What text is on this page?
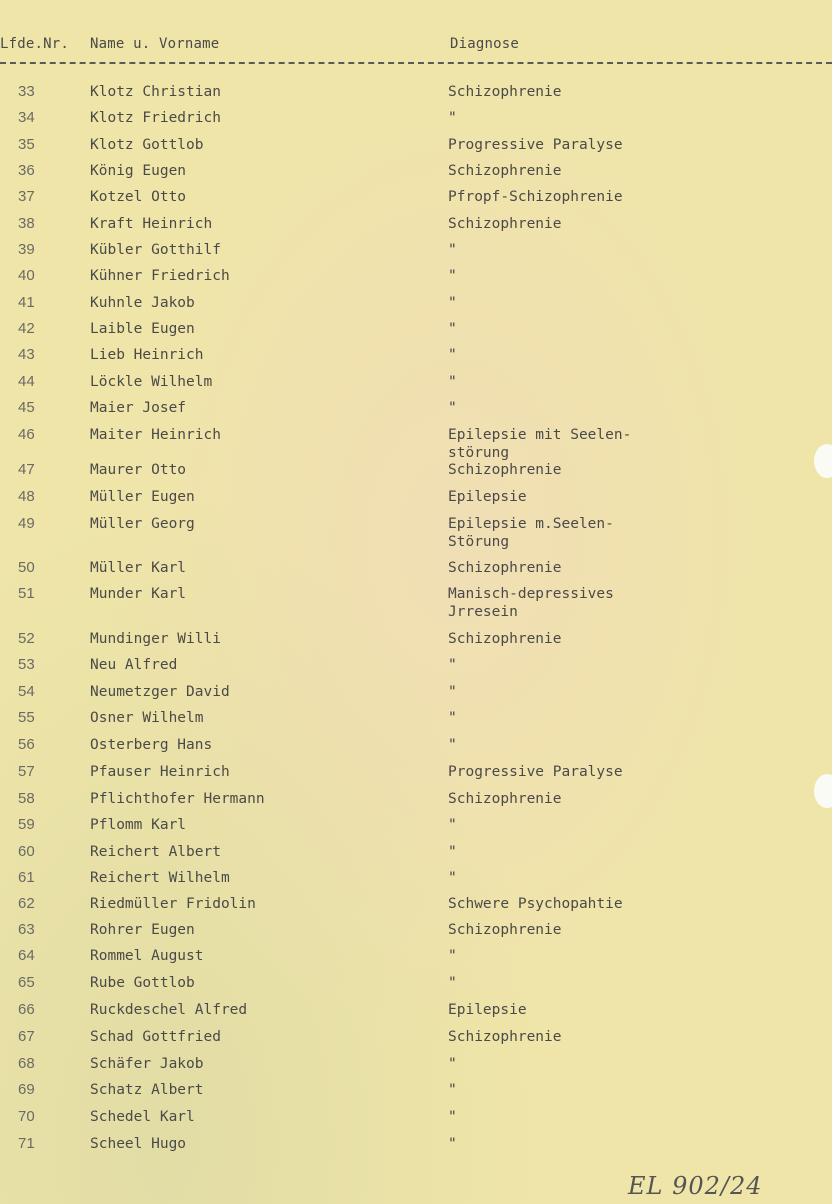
Lfde.Nr. Name u. Vorname	Diagnose
33	Klotz Christian	Schizophrenie
34	Klotz Friedrich	"
35	Klotz Gottlob	Progressive Paralyse
36	König Eugen	Schizophrenie
37	Kotzel Otto	Pfropf-Schizophrenie
38	Kraft Heinrich	Schizophrenie
39	Kübler Gotthilf	"
40	Kühner Friedrich	"
41	Kuhnle Jakob	"
42	Laible Eugen	"
43	Lieb Heinrich	"
44	Löckle Wilhelm	"
45	Maier Josef	"
46	Maiter Heinrich	Epilepsie mit Seelen-
störung
47	Maurer Otto	Schizophrenie
48	Müller Eugen	Epilepsie
49	Müller Georg	Epilepsie m.Seelen-
Störung
50	Müller Karl	Schizophrenie
51	Munder Karl	Manisch-depressives
Jrresein
52	Mundinger Willi	Schizophrenie
53	Neu Alfred	"
54	Neumetzger David	"
55	Osner Wilhelm	"
56	Osterberg Hans	"
57	Pfauser Heinrich	Progressive Paralyse
58	Pflichthofer Hermann	Schizophrenie
59	Pflomm Karl	"
60	Reichert Albert	"
61	Reichert Wilhelm	"
62	Riedmüller Fridolin	Schwere Psychopahtie
63	Rohrer Eugen	Schizophrenie
64	Rommel August	"
65	Rube Gottlob	"
66	Ruckdeschel Alfred	Epilepsie
67	Schad Gottfried	Schizophrenie
68	Schäfer Jakob	"
69	Schatz Albert	"
70	Schedel Karl	"
71	Scheel Hugo	"
EL 902/24
